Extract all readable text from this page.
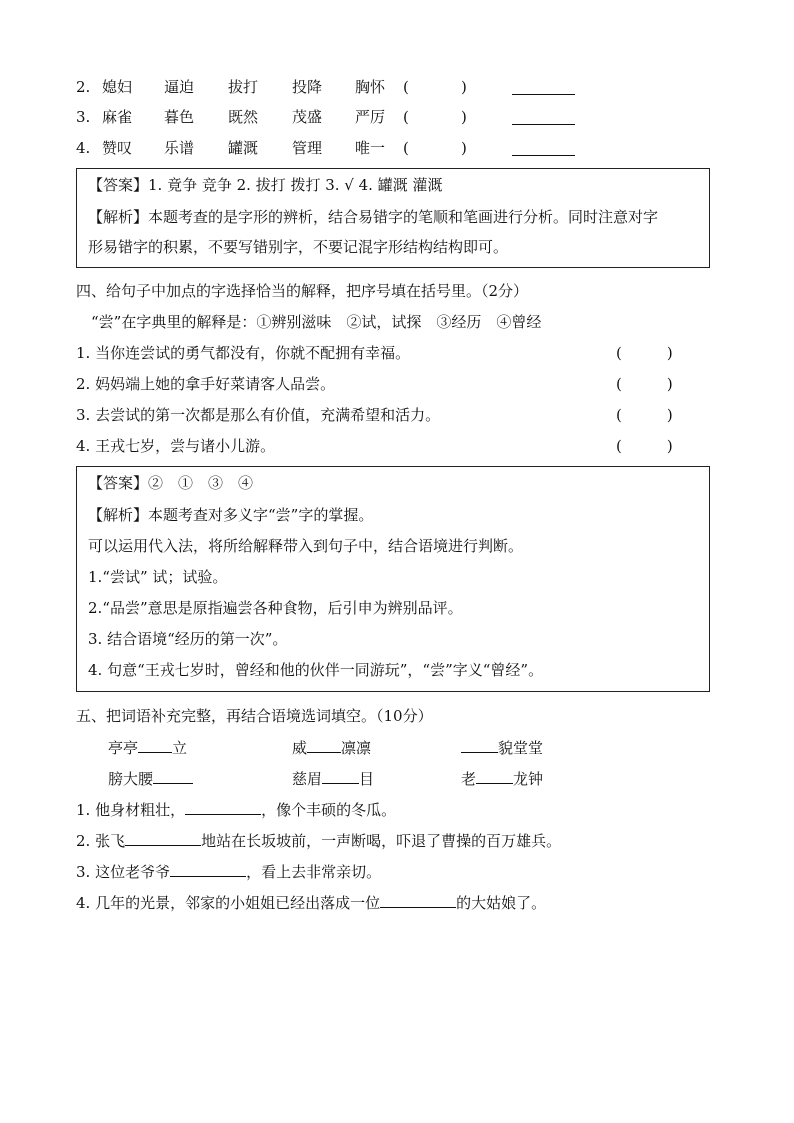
2. 媳妇 逼迫 拔打 投降 胸怀 (	)
3. 麻雀 暮色 既然 茂盛 严厉 (	)
4. 赞叹 乐谱 罐溉 管理 唯一 (	)
【答案】1. 竟争 竞争 2. 拔打 拨打 3. √ 4. 罐溉 灌溉
【解析】本题考查的是字形的辨析，结合易错字的笔顺和笔画进行分析。同时注意对字
形易错字的积累，不要写错别字，不要记混字形结构结构即可。
四、给句子中加点的字选择恰当的解释，把序号填在括号里。（2分）
“尝”在字典里的解释是：①辨别滋味　②试，试探　③经历　④曾经
1. 当你连尝试的勇气都没有，你就不配拥有幸福。	(　　　)
2. 妈妈端上她的拿手好菜请客人品尝。	(　　　)
3. 去尝试的第一次都是那么有价值，充满希望和活力。	(　　　)
4. 王戎七岁，尝与诸小儿游。	(　　　)
【答案】②　①　③　④
【解析】本题考查对多义字“尝”字的掌握。
可以运用代入法，将所给解释带入到句子中，结合语境进行判断。
1.“尝试” 试；试验。
2.“品尝”意思是原指遍尝各种食物，后引申为辨别品评。
3. 结合语境“经历的第一次”。
4. 句意“王戎七岁时，曾经和他的伙伴一同游玩”，“尝”字义“曾经”。
五、把词语补充完整，再结合语境选词填空。（10分）
亭亭 立	威 凛凛	貌堂堂
膀大腰	慈眉 目	老 龙钟
1. 他身材粗壮，	，像个丰硕的冬瓜。
2. 张飞	地站在长坂坡前，一声断喝，吓退了曹操的百万雄兵。
3. 这位老爷爷	，看上去非常亲切。
4. 几年的光景，邻家的小姐姐已经出落成一位	的大姑娘了。
